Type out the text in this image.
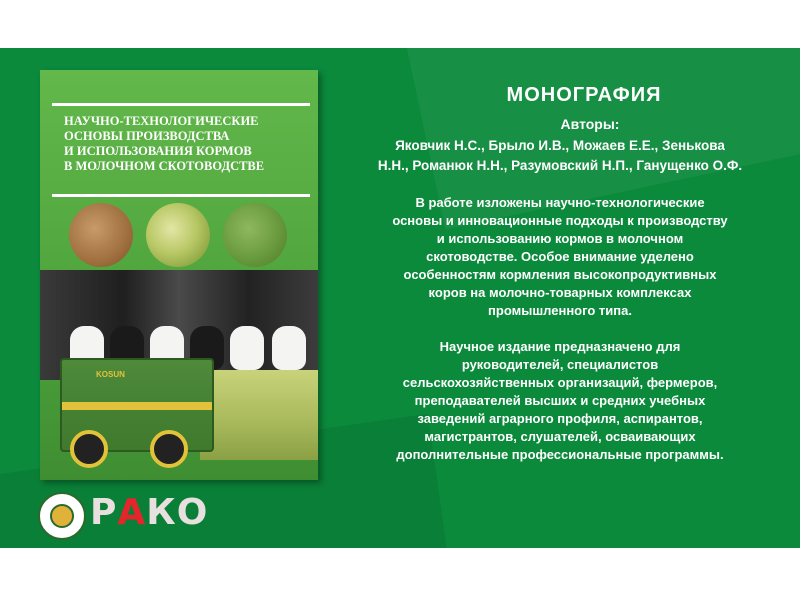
НАУЧНО-ТЕХНОЛОГИЧЕСКИЕ
ОСНОВЫ ПРОИЗВОДСТВА
И ИСПОЛЬЗОВАНИЯ КОРМОВ
В МОЛОЧНОМ СКОТОВОДСТВЕ
KOSUN
РАКО
МОНОГРАФИЯ
Авторы:
Яковчик Н.С., Брыло И.В., Можаев Е.Е., Зенькова
Н.Н., Романюк Н.Н., Разумовский Н.П., Ганущенко О.Ф.
В работе изложены научно-технологические
основы и инновационные подходы к производству
и использованию кормов в молочном
скотоводстве. Особое внимание уделено
особенностям кормления высокопродуктивных
коров на молочно-товарных комплексах
промышленного типа.
Научное издание предназначено для
руководителей, специалистов
сельскохозяйственных организаций, фермеров,
преподавателей высших и средних учебных
заведений аграрного профиля, аспирантов,
магистрантов, слушателей, осваивающих
дополнительные профессиональные программы.
